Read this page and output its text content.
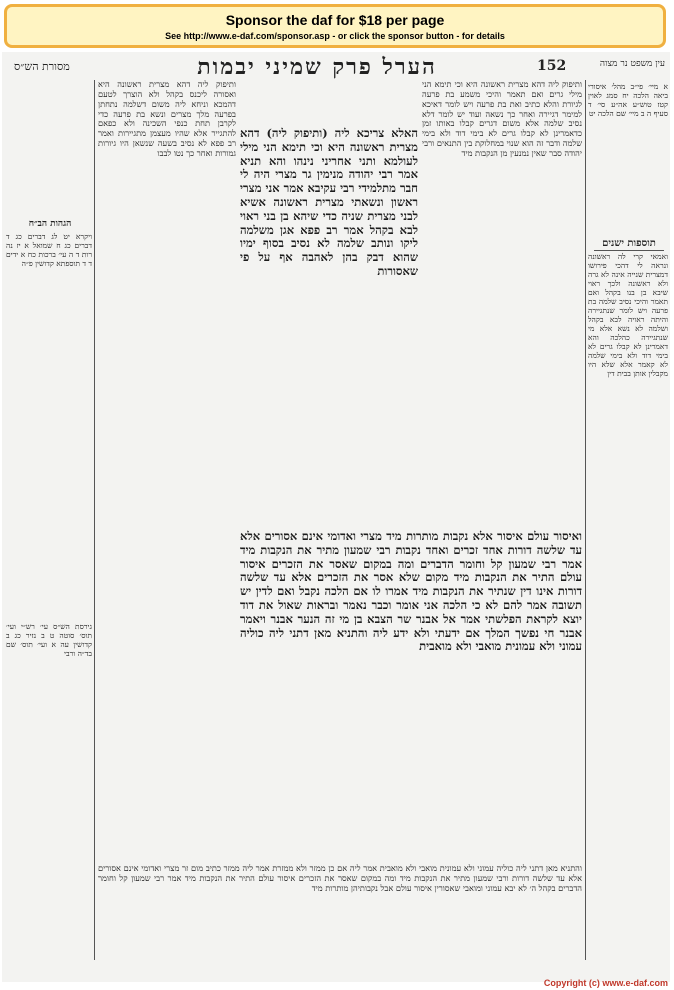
Sponsor the daf for $18 per page
See http://www.e-daf.com/sponsor.asp - or click the sponsor button - for details
מסורת הש״ס	הערל פרק שמיני יבמות	152	עין משפט נר מצוה
א מיי׳ פי״ב מהל׳ איסורי ביאה הלכה יח סמג לאוין קטז טוש״ע אה״ע סי׳ ד סעיף ה ב מיי׳ שם הלכה יט
תוספות ישנים
ואמאי קרי לה ראשונה ונראה לי דהכי פירושו דמצרית שנייה אינה לא גרה ולא ראשונה ולכך ראוי שיבא בן בנו בקהל ואם תאמר והיכי נסיב שלמה בת פרעה ויש לומר שנתגיירה והיתה ראויה לבא בקהל ושלמה לא נשא אלא מי שנתגיירה כהלכה והא דאמרינן לא קבלו גרים לא בימי דוד ולא בימי שלמה לא קאמר אלא שלא היו מקבלין אותן בבית דין
ותיפוק ליה דהא מצרית ראשונה היא וכי תימא הני מילי גרים ואם תאמר והיכי משמע בת פרעה לגיורת והלא כתיב ואת בת פרעה ויש לומר דאיכא למימר דגיירה ואחר כך נשאה ועוד יש לומר דלא נסיב שלמה אלא משום דגרים קבלו באותו זמן כדאמרינן לא קבלו גרים לא בימי דוד ולא בימי שלמה ודבר זה הוא שנוי במחלוקת בין התנאים ורבי יהודה סבר שאין נמנעין מן הנקבות מיד
האלא צריכא ליה (ותיפוק ליה) דהא מצרית ראשונה היא וכי תימא הני מילי לעולמא ותני אחריני נינהו והא תניא אמר רבי יהודה מנימין גר מצרי היה לי חבר מתלמידי רבי עקיבא אמר אני מצרי ראשון ונשאתי מצרית ראשונה אשיא לבני מצרית שניה כדי שיהא בן בני ראוי לבא בקהל אמר רב פפא אגן משלמה ליקו ונותב שלמה לא נסיב בסוף ימיו שהוא דבק בהן לאהבה אף על פי שאסורות
ותיפוק ליה דהא מצרית ראשונה היא ואסורה ליכנס בקהל ולא הוצרך לטעם דהמכא וניחא ליה משום דשלמה נתחתן בפרעה מלך מצרים ונשא בת פרעה כדי לקרבן תחת כנפי השכינה ולא כפאם להתגייר אלא שהיו מעצמן מתגיירות ואמר רב פפא לא נסיב בשעה שנשאן היו גיורות גמורות ואחר כך נטו לבבו
ואיסור עולם איסור אלא נקבות מותרות מיד מצרי ואדומי אינם אסורים אלא עד שלשה דורות אחד זכרים ואחד נקבות רבי שמעון מתיר את הנקבות מיד אמר רבי שמעון קל וחומר הדברים ומה במקום שאסר את הזכרים איסור עולם התיר את הנקבות מיד מקום שלא אסר את הזכרים אלא עד שלשה דורות אינו דין שנתיר את הנקבות מיד אמרו לו אם הלכה נקבל ואם לדין יש תשובה אמר להם לא כי הלכה אני אומר וכבר נאמר ובראות שאול את דוד יוצא לקראת הפלשתי אמר אל אבנר שר הצבא בן מי זה הנער אבנר ויאמר אבנר חי נפשך המלך אם ידעתי ולא ידע ליה והתניא מאן דתני ליה כוליה עמוני ולא עמונית מואבי ולא מואבית
והתניא מאן דתני ליה כוליה עמוני ולא עמונית מואבי ולא מואבית אמר ליה אם כן ממזר ולא ממזרת אמר ליה ממזר כתיב מום זר מצרי ואדומי אינם אסורים אלא עד שלשה דורות ורבי שמעון מתיר את הנקבות מיד ומה במקום שאסר את הזכרים איסור עולם התיר את הנקבות מיד אמר רבי שמעון קל וחומר הדברים בקהל ה׳ לא יבא עמוני ומואבי שאסורין איסור עולם אבל נקבותיהן מותרות מיד
הגהות הב״ח
ויקרא יט לג דברים כג ד דברים כג ח שמואל א יז נה רות ד ה עי׳ ברכות כח א ידים ד ד תוספתא קדושין פ״ה
גירסת הש״ס עי׳ רש״י ועי׳ תוס׳ סוטה ט ב נזיר כג ב קדושין עה א ועי׳ תוס׳ שם בד״ה ורבי
Copyright (c) www.e-daf.com
